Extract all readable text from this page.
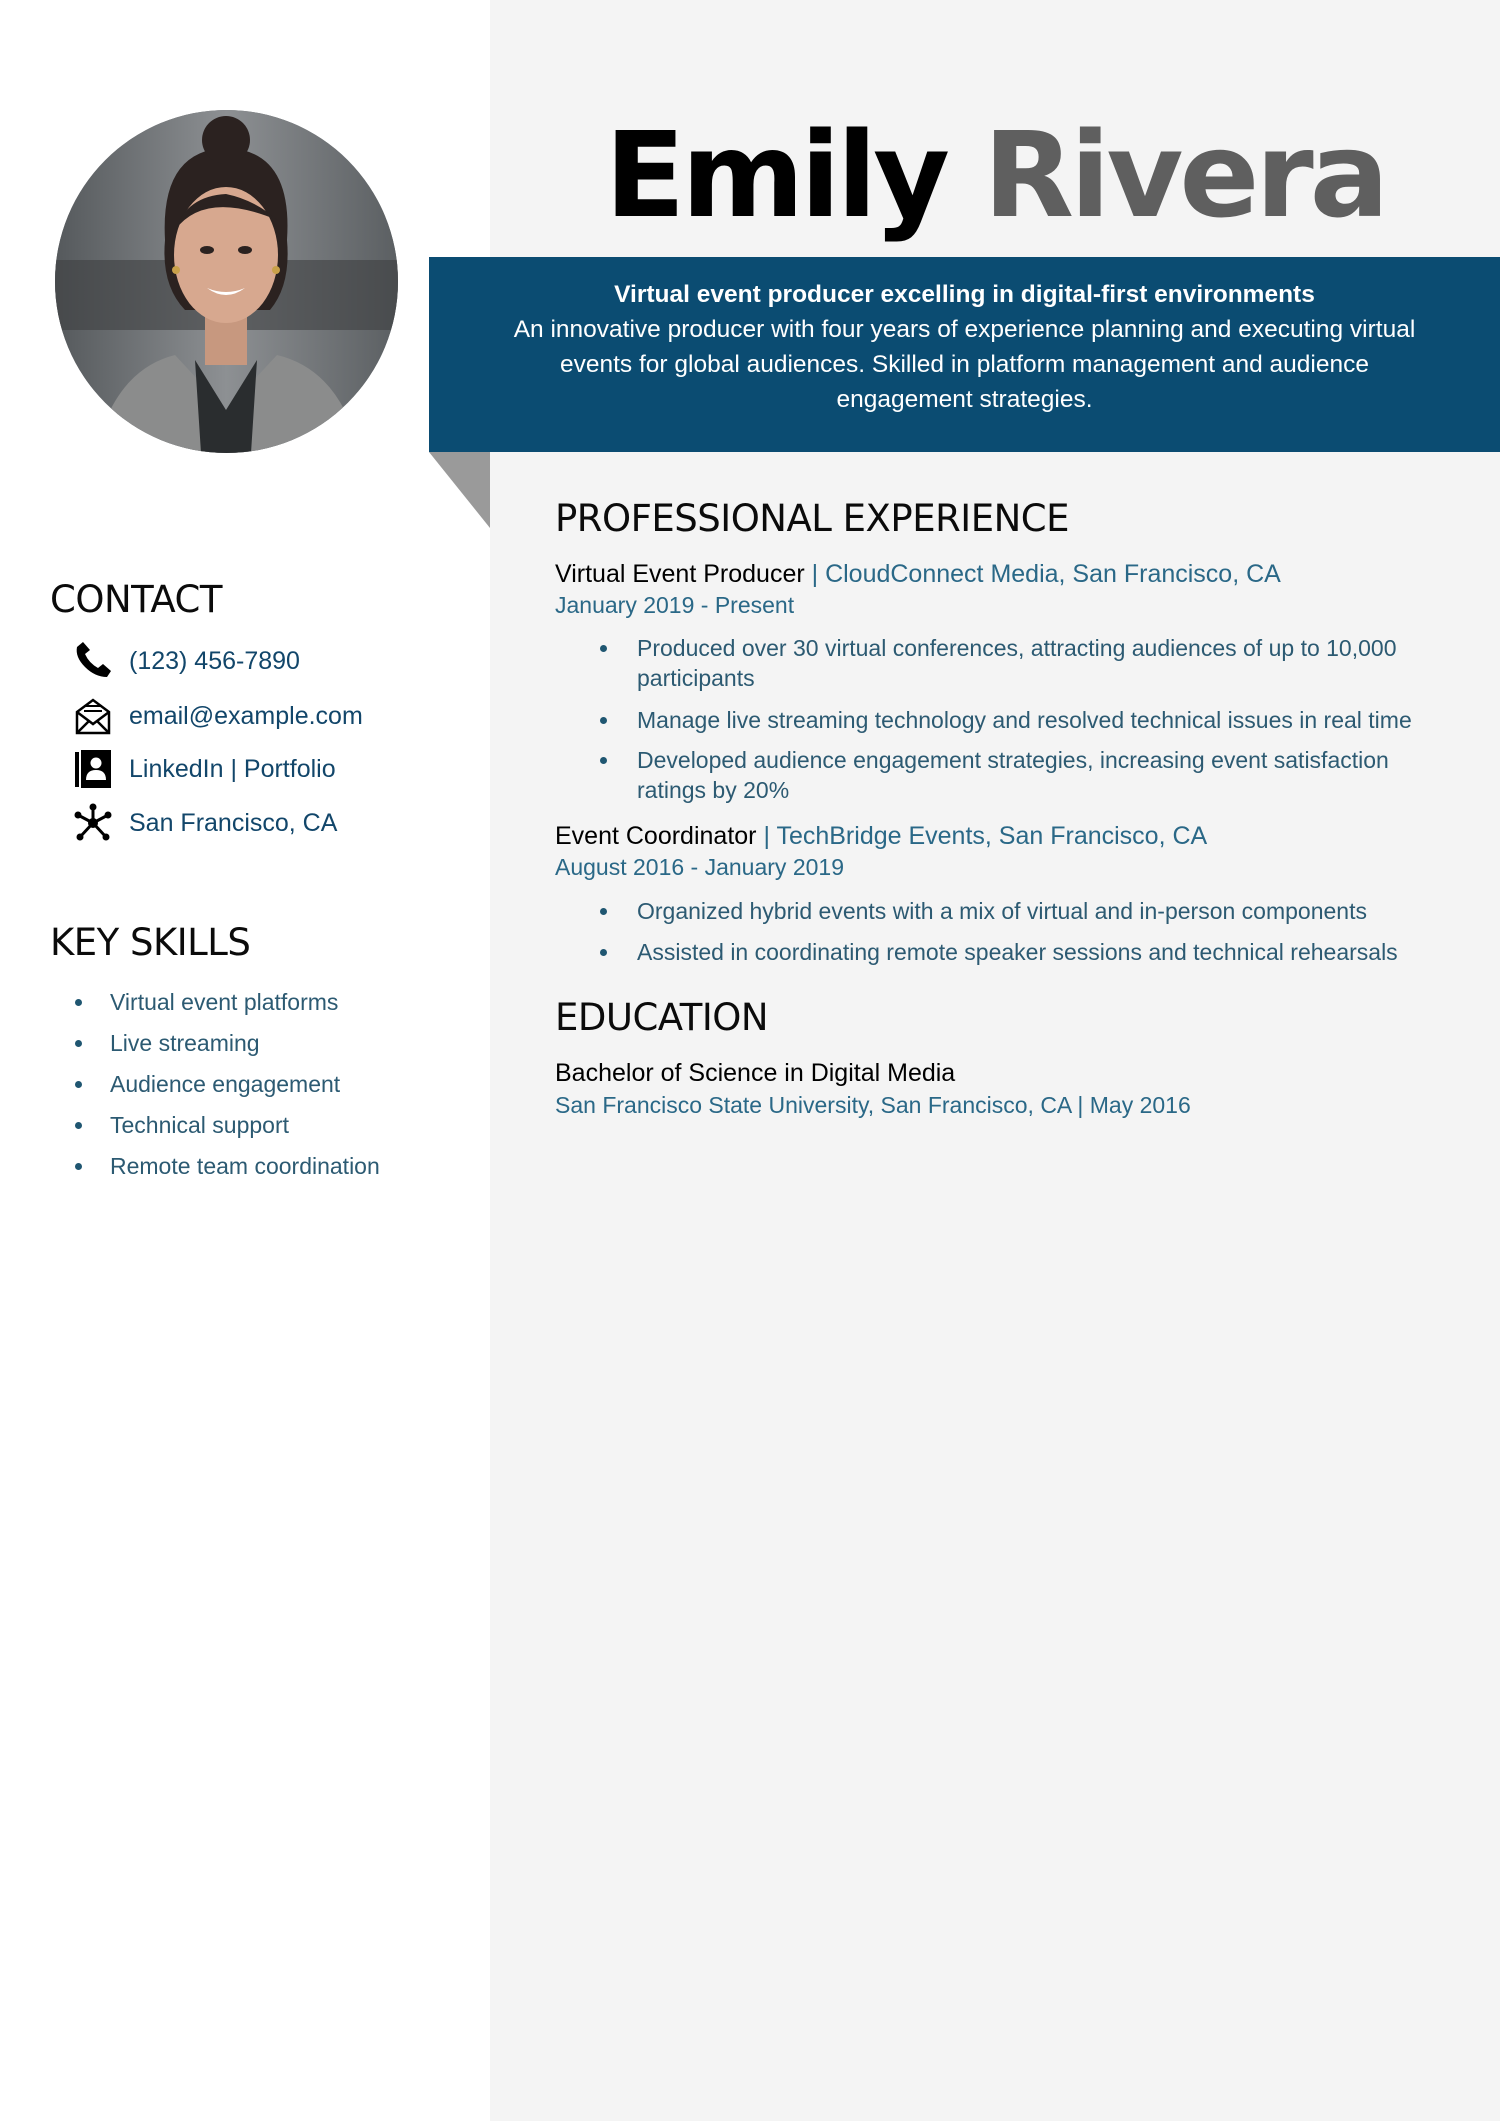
Emily Rivera
Virtual event producer excelling in digital-first environments
An innovative producer with four years of experience planning and executing virtual events for global audiences. Skilled in platform management and audience engagement strategies.
CONTACT
(123) 456-7890
email@example.com
LinkedIn | Portfolio
San Francisco, CA
KEY SKILLS
Virtual event platforms
Live streaming
Audience engagement
Technical support
Remote team coordination
PROFESSIONAL EXPERIENCE
Virtual Event Producer | CloudConnect Media, San Francisco, CA
January 2019 - Present
Produced over 30 virtual conferences, attracting audiences of up to 10,000 participants
Manage live streaming technology and resolved technical issues in real time
Developed audience engagement strategies, increasing event satisfaction ratings by 20%
Event Coordinator | TechBridge Events, San Francisco, CA
August 2016 - January 2019
Organized hybrid events with a mix of virtual and in-person components
Assisted in coordinating remote speaker sessions and technical rehearsals
EDUCATION
Bachelor of Science in Digital Media
San Francisco State University, San Francisco, CA | May 2016
